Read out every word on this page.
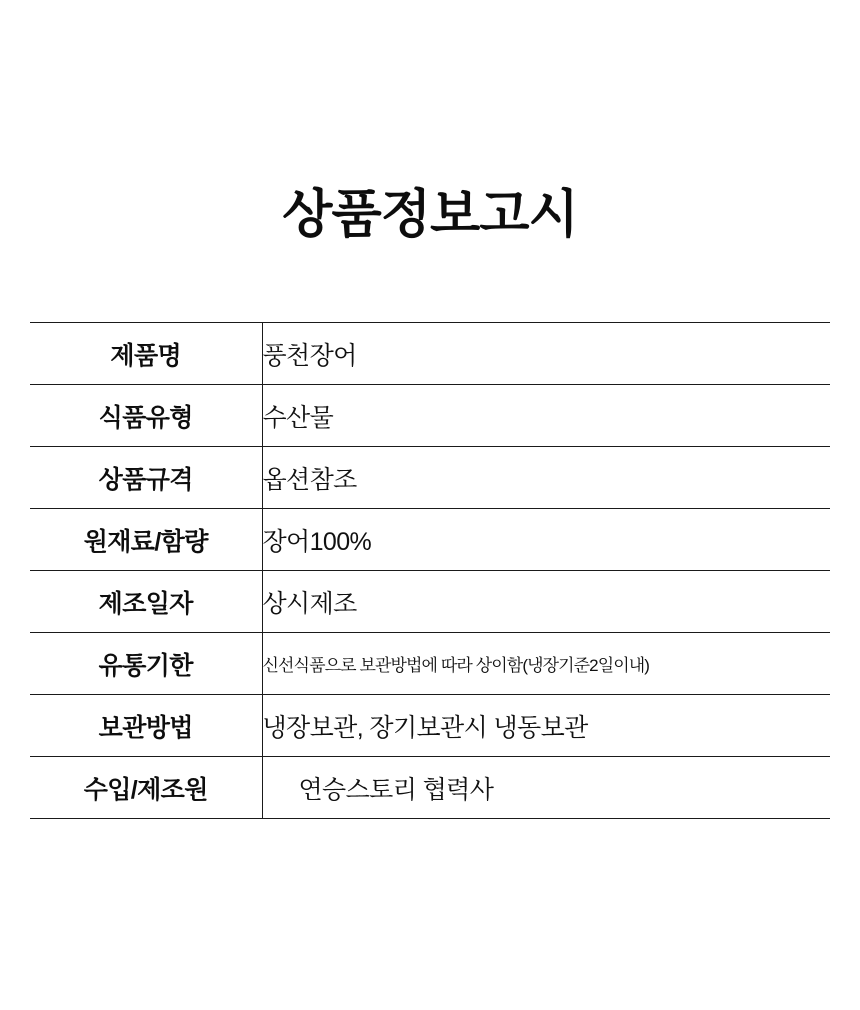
상품정보고시
제품명	풍천장어
식품유형	수산물
상품규격	옵션참조
원재료/함량	장어100%
제조일자	상시제조
유통기한	신선식품으로 보관방법에 따라 상이함(냉장기준2일이내)
보관방법	냉장보관, 장기보관시 냉동보관
수입/제조원	연승스토리 협력사
